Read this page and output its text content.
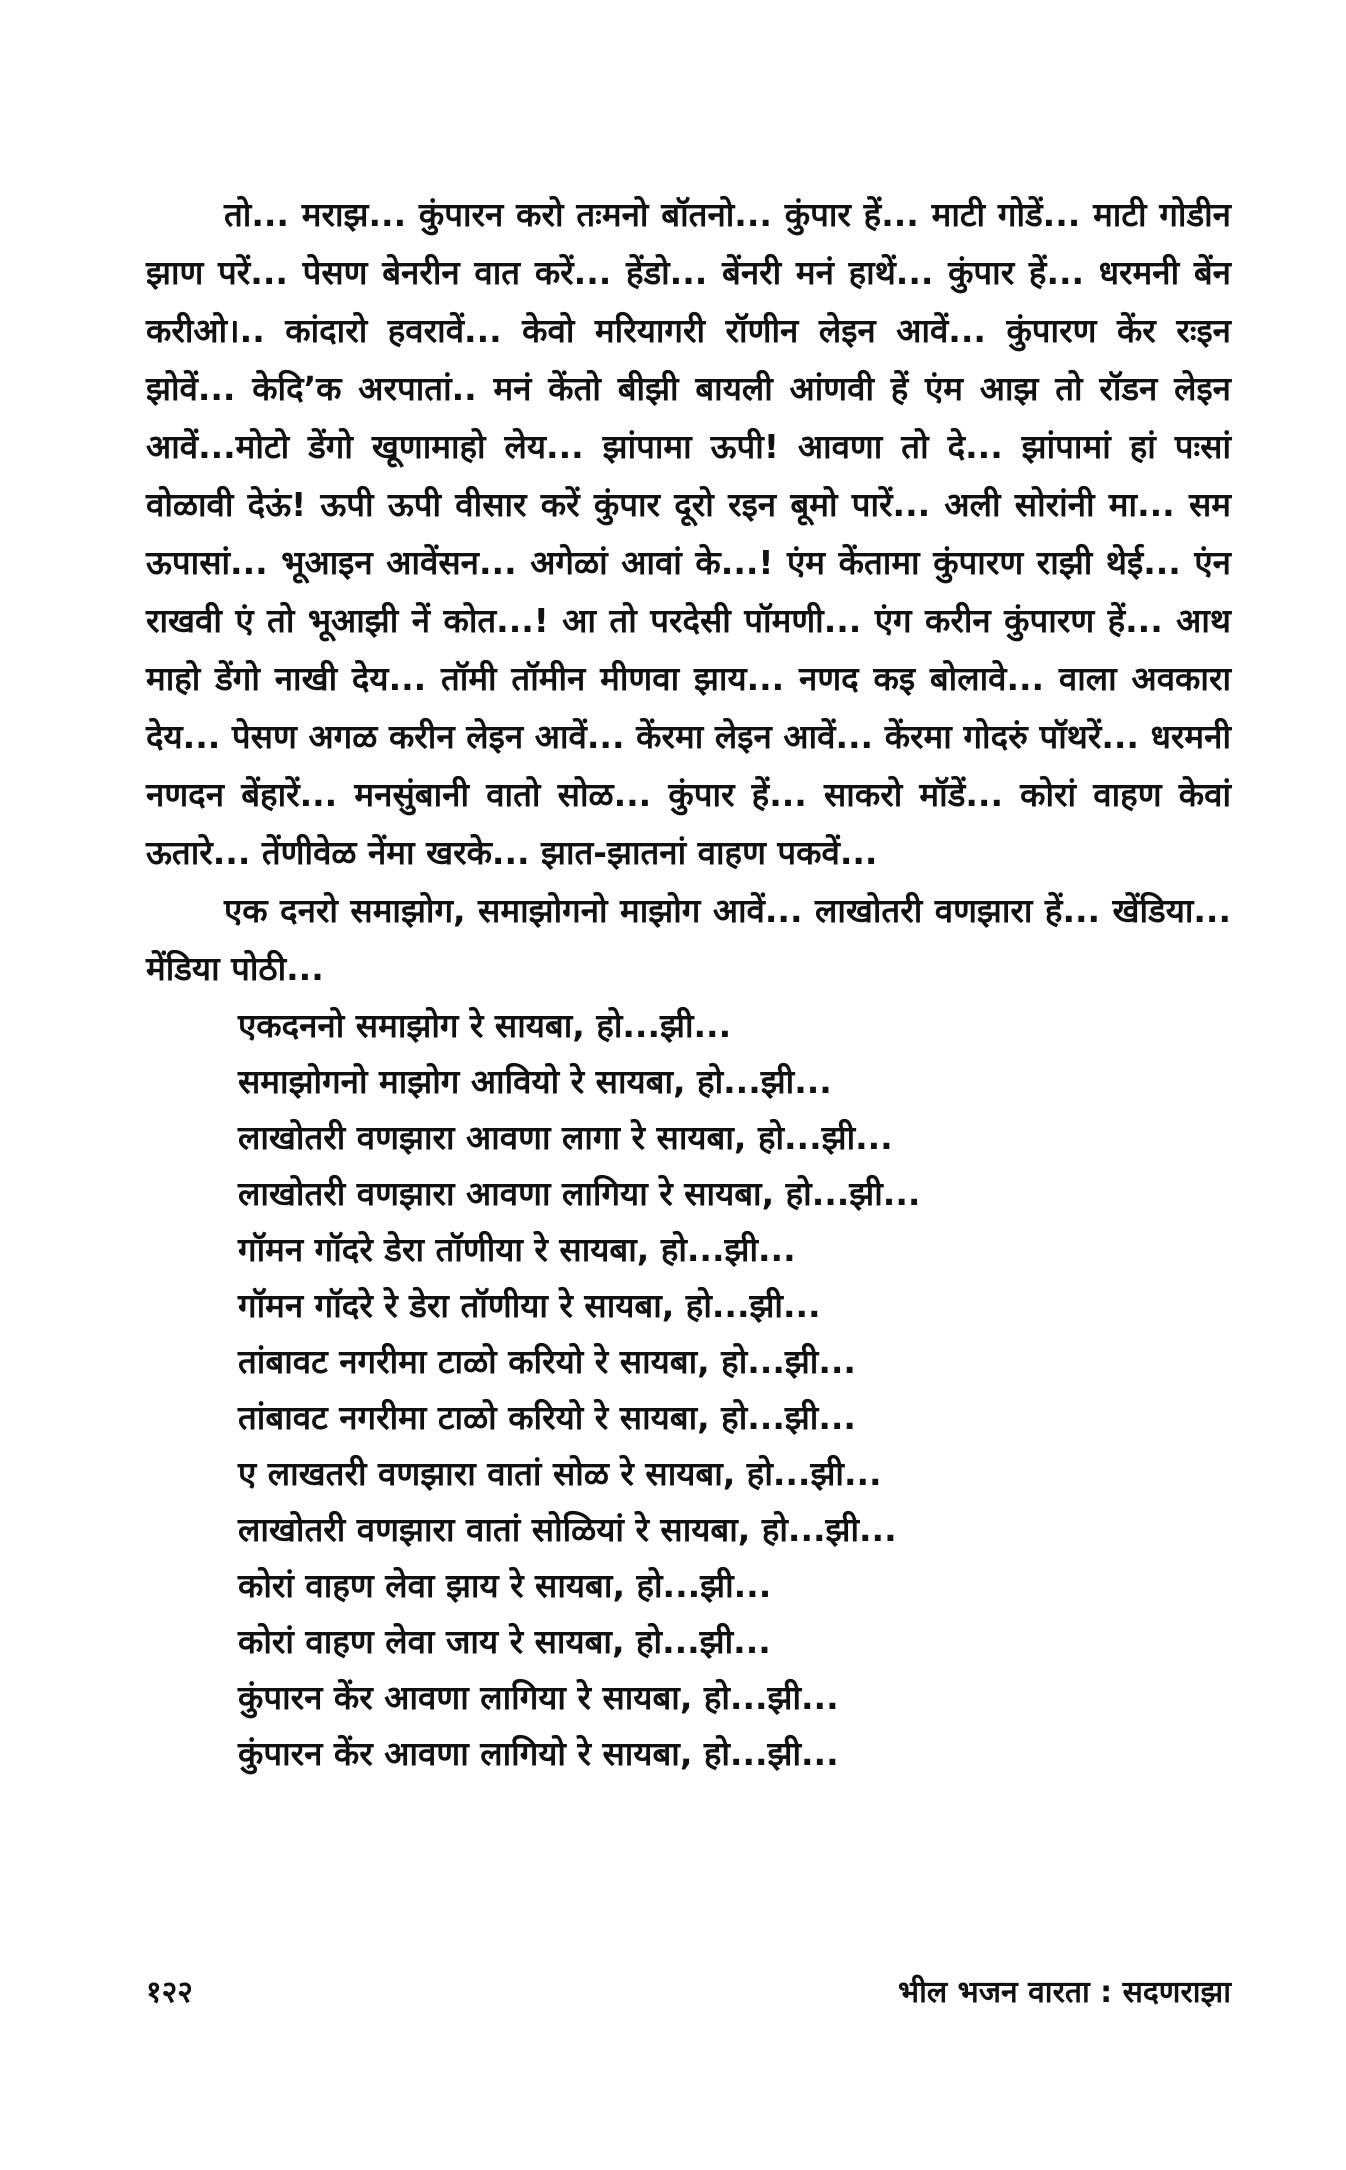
तो... मराझ... कुंपारन करो तःमनो बॉतनो... कुंपार हें... माटी गोडें... माटी गोडीन झाण परें... पेसण बेनरीन वात करें... हेंडो... बेंनरी मनं हाथें... कुंपार हें... धरमनी बेंन करीओ।.. कांदारो हवरावें... केवो मरियागरी रॉणीन लेइन आवें... कुंपारण केंर रःइन झोवें... केदि’क अरपातां.. मनं केंतो बीझी बायली आंणवी हें एंम आझ तो रॉडन लेइन आवें...मोटो डेंगो खूणामाहो लेय... झांपामा ऊपी! आवणा तो दे... झांपामां हां पःसां वोळावी देऊं! ऊपी ऊपी वीसार करें कुंपार दूरो रइन बूमो पारें... अली सोरांनी मा... सम ऊपासां... भूआइन आवेंसन... अगेळां आवां के...! एंम केंतामा कुंपारण राझी थेई... एंन राखवी एं तो भूआझी नें कोत...! आ तो परदेसी पॉमणी... एंग करीन कुंपारण हें... आथ माहो डेंगो नाखी देय... तॉमी तॉमीन मीणवा झाय... नणद कइ बोलावे... वाला अवकारा देय... पेसण अगळ करीन लेइन आवें... केंरमा लेइन आवें... केंरमा गोदरुं पॉथरें... धरमनी नणदन बेंहारें... मनसुंबानी वातो सोळ... कुंपार हें... साकरो मॉडें... कोरां वाहण केवां ऊतारे... तेंणीवेळ नेंमा खरके... झात-झातनां वाहण पकवें...

एक दनरो समाझोग, समाझोगनो माझोग आवें... लाखोतरी वणझारा हें... खेंडिया... मेंडिया पोठी...

एकदननो समाझोग रे सायबा, हो...झी...
समाझोगनो माझोग आवियो रे सायबा, हो...झी...
लाखोतरी वणझारा आवणा लागा रे सायबा, हो...झी...
लाखोतरी वणझारा आवणा लागिया रे सायबा, हो...झी...
गॉमन गॉदरे डेरा तॉणीया रे सायबा, हो...झी...
गॉमन गॉदरे रे डेरा तॉणीया रे सायबा, हो...झी...
तांबावट नगरीमा टाळो करियो रे सायबा, हो...झी...
तांबावट नगरीमा टाळो करियो रे सायबा, हो...झी...
ए लाखतरी वणझारा वातां सोळ रे सायबा, हो...झी...
लाखोतरी वणझारा वातां सोळियां रे सायबा, हो...झी...
कोरां वाहण लेवा झाय रे सायबा, हो...झी...
कोरां वाहण लेवा जाय रे सायबा, हो...झी...
कुंपारन केंर आवणा लागिया रे सायबा, हो...झी...
कुंपारन केंर आवणा लागियो रे सायबा, हो...झी...
१२२	भील भजन वारता : सदणराझा
